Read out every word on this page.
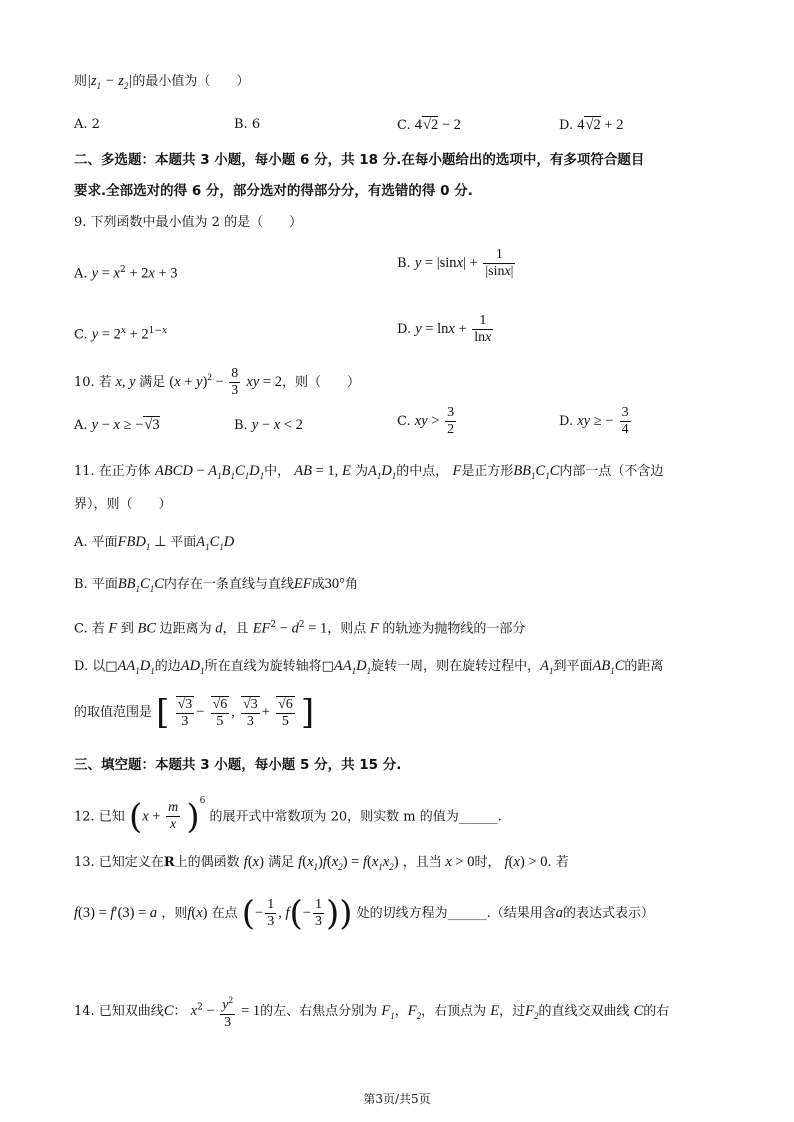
则$|z_1 - z_2|$的最小值为（　　）
A. 2	B. 6	C. 4√2 − 2	D. 4√2 + 2
二、多选题：本题共 3 小题，每小题 6 分，共 18 分.在每小题给出的选项中，有多项符合题目
要求.全部选对的得 6 分，部分选对的得部分分，有选错的得 0 分.
9. 下列函数中最小值为 2 的是（　　）
A. $y = x^2 + 2x + 3$
B. $y = |\sin x| + \frac{1}{|\sin x|}$
C. $y = 2^x + 2^{1-x}$	D. $y = \ln x + \frac{1}{\ln x}$
10. 若 x, y 满足 $(x + y)^2 - \frac{8}{3}$ xy = 2，则（　　）
A. y − x ≥ −√3	B. y − x < 2	C. xy > $\frac{3}{2}$	D. xy ≥ − $\frac{3}{4}$
11. 在正方体 ABCD − $A_1B_1C_1D_1$中， AB = 1, E 为$A_1D_1$的中点， F是正方形$BB_1C_1C$内部一点（不含边
界），则（　　）
A. 平面$FBD_1$ ⊥ 平面$A_1C_1D$
B. 平面$BB_1C_1C$内存在一条直线与直线EF成30°角
C. 若 F 到 BC 边距离为 d，且 $EF^2 - d^2 = 1$，则点 F 的轨迹为抛物线的一部分
D. 以$□AA_1D_1$的边$AD_1$所在直线为旋转轴将$□AA_1D_1$旋转一周，则在旋转过程中，$A_1$到平面$AB_1C$的距离
的取值范围是 [ $\frac{√3}{3} - \frac{√6}{5}$ , $\frac{√3}{3} + \frac{√6}{5}$ ]
三、填空题：本题共 3 小题，每小题 5 分，共 15 分.
12. 已知 $(x + \frac{m}{x} )^6$ 的展开式中常数项为 20，则实数 m 的值为______.
13. 已知定义在R上的偶函数 f(x) 满足 $f(x_1)f(x_2) = f(x_1x_2)$ ，且当 x > 0时， f(x) > 0. 若
f(3) = f′(3) = a ，则f(x) 在点 (− $\frac{1}{3}$ , $f(- \frac{1}{3}$ )) 处的切线方程为______.（结果用含a的表达式表示）
14. 已知双曲线C： $x^2 - \frac{y^2}{3} = 1$的左、右焦点分别为 $F_1$，$F_2$，右顶点为 E，过$F_2$的直线交双曲线 C的右
第3页/共5页
